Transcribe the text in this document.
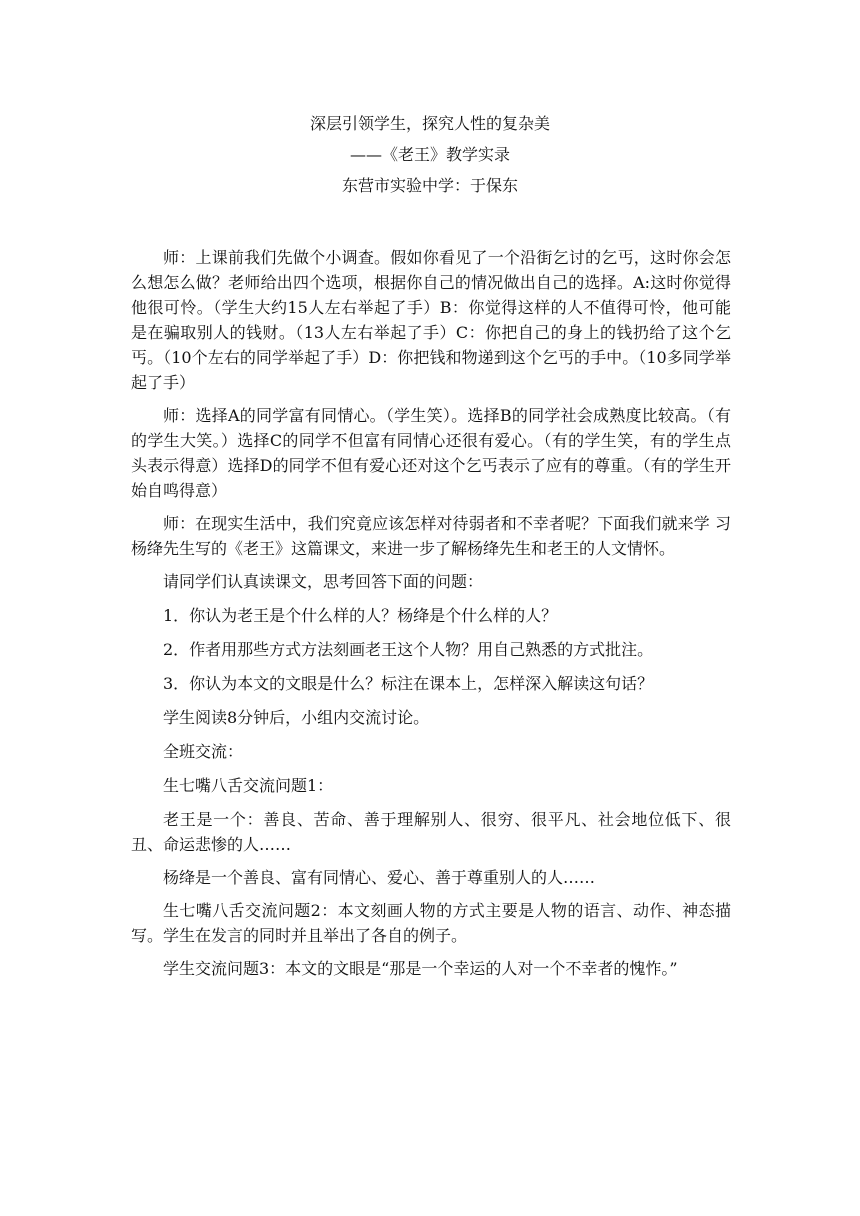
深层引领学生，探究人性的复杂美
——《老王》教学实录
东营市实验中学：于保东

师：上课前我们先做个小调查。假如你看见了一个沿街乞讨的乞丐，这时你会怎么想怎么做？老师给出四个选项，根据你自己的情况做出自己的选择。A:这时你觉得他很可怜。（学生大约15人左右举起了手）B：你觉得这样的人不值得可怜，他可能是在骗取别人的钱财。（13人左右举起了手）C：你把自己的身上的钱扔给了这个乞丐。（10个左右的同学举起了手）D：你把钱和物递到这个乞丐的手中。（10多同学举起了手）

师：选择A的同学富有同情心。（学生笑）。选择B的同学社会成熟度比较高。（有的学生大笑。）选择C的同学不但富有同情心还很有爱心。（有的学生笑，有的学生点头表示得意）选择D的同学不但有爱心还对这个乞丐表示了应有的尊重。（有的学生开始自鸣得意）

师：在现实生活中，我们究竟应该怎样对待弱者和不幸者呢？下面我们就来学 习杨绛先生写的《老王》这篇课文，来进一步了解杨绛先生和老王的人文情怀。

请同学们认真读课文，思考回答下面的问题：

1．你认为老王是个什么样的人？杨绛是个什么样的人？

2．作者用那些方式方法刻画老王这个人物？用自己熟悉的方式批注。

3．你认为本文的文眼是什么？标注在课本上，怎样深入解读这句话？

学生阅读8分钟后，小组内交流讨论。

全班交流：

生七嘴八舌交流问题1：

老王是一个：善良、苦命、善于理解别人、很穷、很平凡、社会地位低下、很丑、命运悲惨的人……

杨绛是一个善良、富有同情心、爱心、善于尊重别人的人……

生七嘴八舌交流问题2：本文刻画人物的方式主要是人物的语言、动作、神态描写。学生在发言的同时并且举出了各自的例子。

学生交流问题3：本文的文眼是“那是一个幸运的人对一个不幸者的愧怍。”
